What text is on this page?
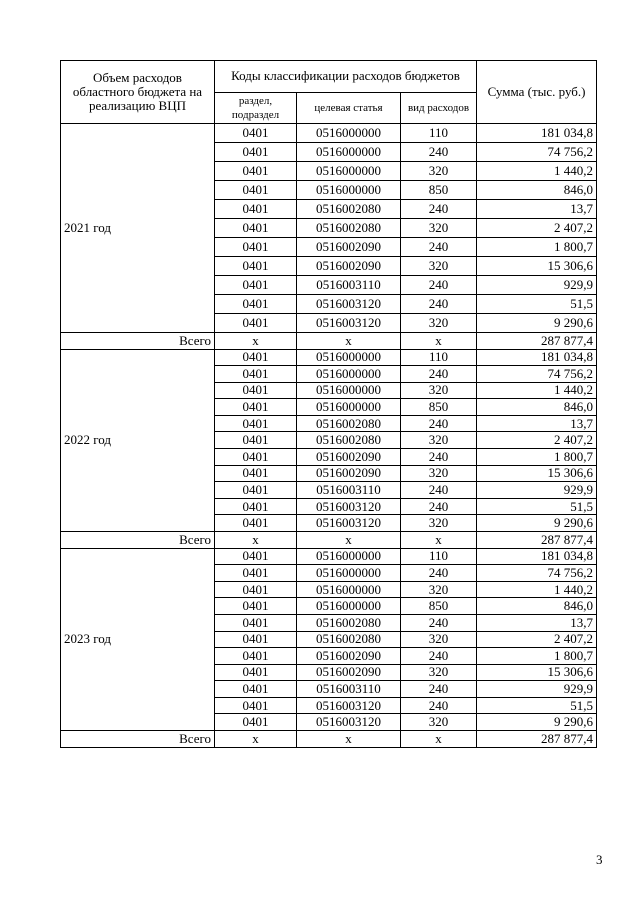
Объем расходов областного бюджета на реализацию ВЦП	Коды классификации расходов бюджетов			Сумма (тыс. руб.)
	раздел, подраздел	целевая статья	вид расходов	
2021 год	0401	0516000000	110	181 034,8
	0401	0516000000	240	74 756,2
	0401	0516000000	320	1 440,2
	0401	0516000000	850	846,0
	0401	0516002080	240	13,7
	0401	0516002080	320	2 407,2
	0401	0516002090	240	1 800,7
	0401	0516002090	320	15 306,6
	0401	0516003110	240	929,9
	0401	0516003120	240	51,5
	0401	0516003120	320	9 290,6
Всего	х	х	х	287 877,4
2022 год	0401	0516000000	110	181 034,8
	0401	0516000000	240	74 756,2
	0401	0516000000	320	1 440,2
	0401	0516000000	850	846,0
	0401	0516002080	240	13,7
	0401	0516002080	320	2 407,2
	0401	0516002090	240	1 800,7
	0401	0516002090	320	15 306,6
	0401	0516003110	240	929,9
	0401	0516003120	240	51,5
	0401	0516003120	320	9 290,6
Всего	х	х	х	287 877,4
2023 год	0401	0516000000	110	181 034,8
	0401	0516000000	240	74 756,2
	0401	0516000000	320	1 440,2
	0401	0516000000	850	846,0
	0401	0516002080	240	13,7
	0401	0516002080	320	2 407,2
	0401	0516002090	240	1 800,7
	0401	0516002090	320	15 306,6
	0401	0516003110	240	929,9
	0401	0516003120	240	51,5
	0401	0516003120	320	9 290,6
Всего	х	х	х	287 877,4
3
